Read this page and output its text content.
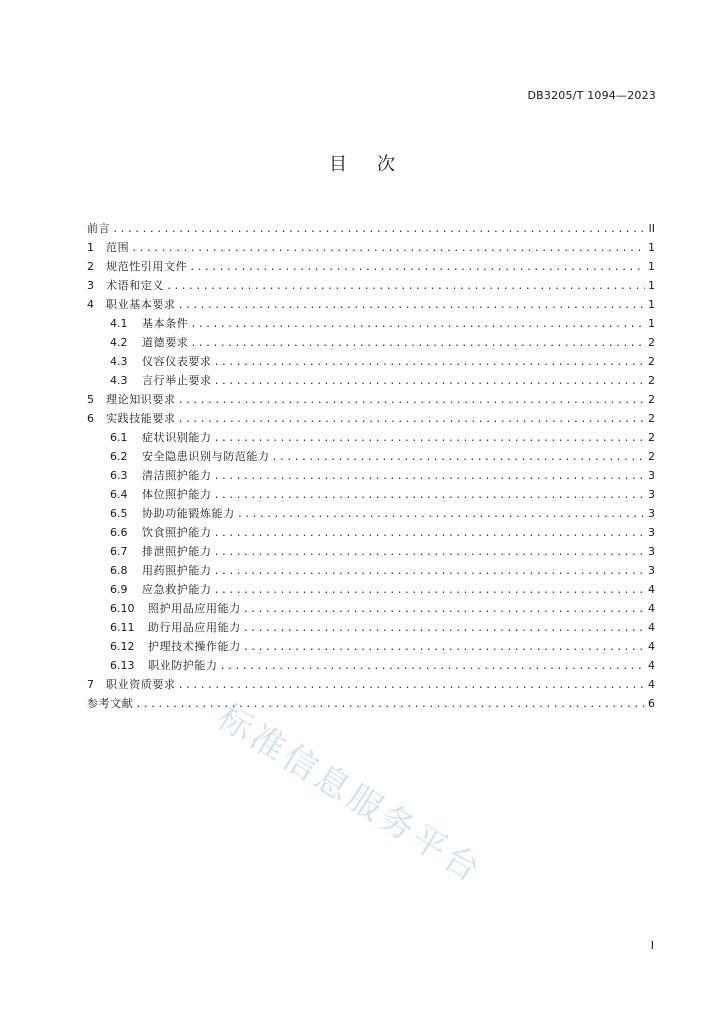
DB3205/T 1094—2023
目次
前言 .....	II
1	范围 .....	1
2	规范性引用文件 .....	1
3	术语和定义 .....	1
4	职业基本要求 .....	1
4.1	基本条件 .....	1
4.2	道德要求 .....	2
4.3	仪容仪表要求 .....	2
4.3	言行举止要求 .....	2
5	理论知识要求 .....	2
6	实践技能要求 .....	2
6.1	症状识别能力 .....	2
6.2	安全隐患识别与防范能力 .....	2
6.3	清洁照护能力 .....	3
6.4	体位照护能力 .....	3
6.5	协助功能锻炼能力 .....	3
6.6	饮食照护能力 .....	3
6.7	排泄照护能力 .....	3
6.8	用药照护能力 .....	3
6.9	应急救护能力 .....	4
6.10	照护用品应用能力 .....	4
6.11	助行用品应用能力 .....	4
6.12	护理技术操作能力 .....	4
6.13	职业防护能力 .....	4
7	职业资质要求 .....	4
参考文献 .....	6
标准信息服务平台
I
